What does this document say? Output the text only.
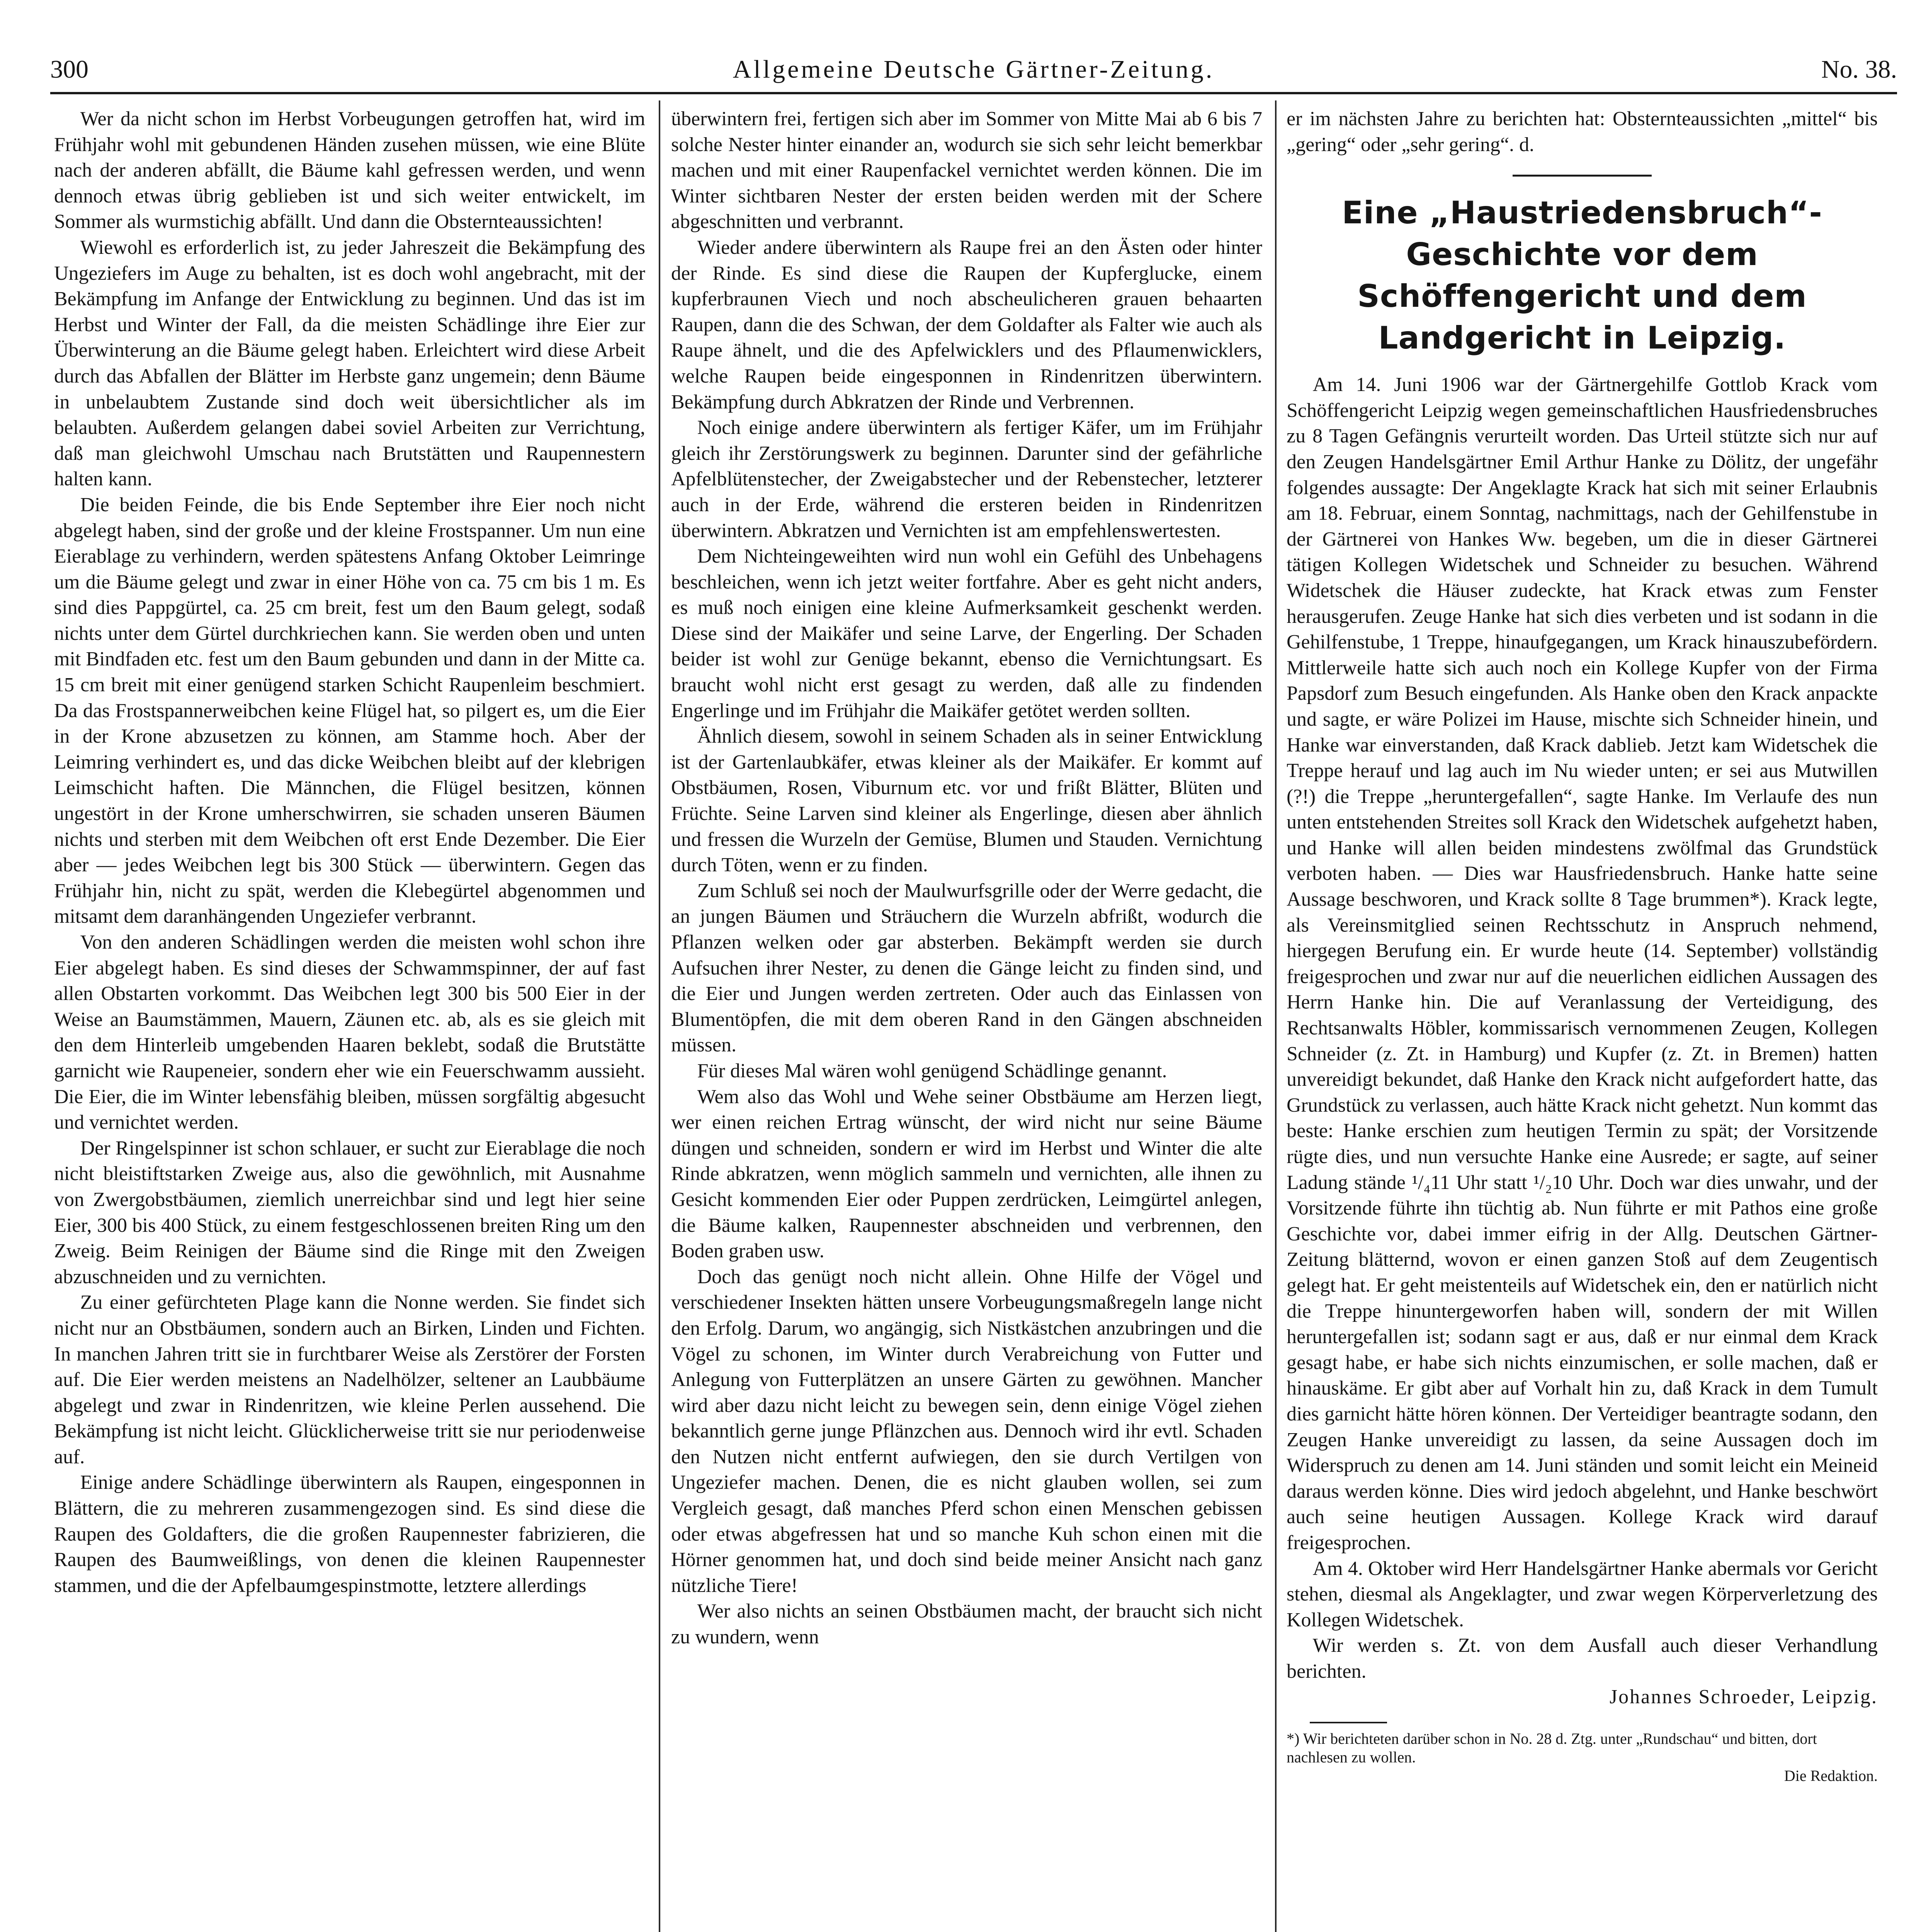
Allgemeine Deutsche Gärtner-Zeitung.
300	No. 38.

Wer da nicht schon im Herbst Vorbeugungen getroffen hat, wird im Frühjahr wohl mit gebundenen Händen zusehen müssen, wie eine Blüte nach der anderen abfällt, die Bäume kahl gefressen werden, und wenn dennoch etwas übrig geblieben ist und sich weiter entwickelt, im Sommer als wurmstichig abfällt. Und dann die Obsternteaussichten!

Wiewohl es erforderlich ist, zu jeder Jahreszeit die Bekämpfung des Ungeziefers im Auge zu behalten, ist es doch wohl angebracht, mit der Bekämpfung im Anfange der Entwicklung zu beginnen. Und das ist im Herbst und Winter der Fall, da die meisten Schädlinge ihre Eier zur Überwinterung an die Bäume gelegt haben. Erleichtert wird diese Arbeit durch das Abfallen der Blätter im Herbste ganz ungemein; denn Bäume in unbelaubtem Zustande sind doch weit übersichtlicher als im belaubten. Außerdem gelangen dabei soviel Arbeiten zur Verrichtung, daß man gleichwohl Umschau nach Brutstätten und Raupennestern halten kann.

Die beiden Feinde, die bis Ende September ihre Eier noch nicht abgelegt haben, sind der große und der kleine Frostspanner. Um nun eine Eierablage zu verhindern, werden spätestens Anfang Oktober Leimringe um die Bäume gelegt und zwar in einer Höhe von ca. 75 cm bis 1 m. Es sind dies Pappgürtel, ca. 25 cm breit, fest um den Baum gelegt, sodaß nichts unter dem Gürtel durchkriechen kann. Sie werden oben und unten mit Bindfaden etc. fest um den Baum gebunden und dann in der Mitte ca. 15 cm breit mit einer genügend starken Schicht Raupenleim beschmiert. Da das Frostspannerweibchen keine Flügel hat, so pilgert es, um die Eier in der Krone abzusetzen zu können, am Stamme hoch. Aber der Leimring verhindert es, und das dicke Weibchen bleibt auf der klebrigen Leimschicht haften. Die Männchen, die Flügel besitzen, können ungestört in der Krone umherschwirren, sie schaden unseren Bäumen nichts und sterben mit dem Weibchen oft erst Ende Dezember. Die Eier aber — jedes Weibchen legt bis 300 Stück — überwintern. Gegen das Frühjahr hin, nicht zu spät, werden die Klebegürtel abgenommen und mitsamt dem daranhängenden Ungeziefer verbrannt.

Von den anderen Schädlingen werden die meisten wohl schon ihre Eier abgelegt haben. Es sind dieses der Schwammspinner, der auf fast allen Obstarten vorkommt. Das Weibchen legt 300 bis 500 Eier in der Weise an Baumstämmen, Mauern, Zäunen etc. ab, als es sie gleich mit den dem Hinterleib umgebenden Haaren beklebt, sodaß die Brutstätte garnicht wie Raupeneier, sondern eher wie ein Feuerschwamm aussieht. Die Eier, die im Winter lebensfähig bleiben, müssen sorgfältig abgesucht und vernichtet werden.

Der Ringelspinner ist schon schlauer, er sucht zur Eierablage die noch nicht bleistiftstarken Zweige aus, also die gewöhnlich, mit Ausnahme von Zwergobstbäumen, ziemlich unerreichbar sind und legt hier seine Eier, 300 bis 400 Stück, zu einem festgeschlossenen breiten Ring um den Zweig. Beim Reinigen der Bäume sind die Ringe mit den Zweigen abzuschneiden und zu vernichten.

Zu einer gefürchteten Plage kann die Nonne werden. Sie findet sich nicht nur an Obstbäumen, sondern auch an Birken, Linden und Fichten. In manchen Jahren tritt sie in furchtbarer Weise als Zerstörer der Forsten auf. Die Eier werden meistens an Nadelhölzer, seltener an Laubbäume abgelegt und zwar in Rindenritzen, wie kleine Perlen aussehend. Die Bekämpfung ist nicht leicht. Glücklicherweise tritt sie nur periodenweise auf.

Einige andere Schädlinge überwintern als Raupen, eingesponnen in Blättern, die zu mehreren zusammengezogen sind. Es sind diese die Raupen des Goldafters, die die großen Raupennester fabrizieren, die Raupen des Baumweißlings, von denen die kleinen Raupennester stammen, und die der Apfelbaumgespinstmotte, letztere allerdings

überwintern frei, fertigen sich aber im Sommer von Mitte Mai ab 6 bis 7 solche Nester hinter einander an, wodurch sie sich sehr leicht bemerkbar machen und mit einer Raupenfackel vernichtet werden können. Die im Winter sichtbaren Nester der ersten beiden werden mit der Schere abgeschnitten und verbrannt.

Wieder andere überwintern als Raupe frei an den Ästen oder hinter der Rinde. Es sind diese die Raupen der Kupferglucke, einem kupferbraunen Viech und noch abscheulicheren grauen behaarten Raupen, dann die des Schwan, der dem Goldafter als Falter wie auch als Raupe ähnelt, und die des Apfelwicklers und des Pflaumenwicklers, welche Raupen beide eingesponnen in Rindenritzen überwintern. Bekämpfung durch Abkratzen der Rinde und Verbrennen.

Noch einige andere überwintern als fertiger Käfer, um im Frühjahr gleich ihr Zerstörungswerk zu beginnen. Darunter sind der gefährliche Apfelblütenstecher, der Zweigabstecher und der Rebenstecher, letzterer auch in der Erde, während die ersteren beiden in Rindenritzen überwintern. Abkratzen und Vernichten ist am empfehlenswertesten.

Dem Nichteingeweihten wird nun wohl ein Gefühl des Unbehagens beschleichen, wenn ich jetzt weiter fortfahre. Aber es geht nicht anders, es muß noch einigen eine kleine Aufmerksamkeit geschenkt werden. Diese sind der Maikäfer und seine Larve, der Engerling. Der Schaden beider ist wohl zur Genüge bekannt, ebenso die Vernichtungsart. Es braucht wohl nicht erst gesagt zu werden, daß alle zu findenden Engerlinge und im Frühjahr die Maikäfer getötet werden sollten.

Ähnlich diesem, sowohl in seinem Schaden als in seiner Entwicklung ist der Gartenlaubkäfer, etwas kleiner als der Maikäfer. Er kommt auf Obstbäumen, Rosen, Viburnum etc. vor und frißt Blätter, Blüten und Früchte. Seine Larven sind kleiner als Engerlinge, diesen aber ähnlich und fressen die Wurzeln der Gemüse, Blumen und Stauden. Vernichtung durch Töten, wenn er zu finden.

Zum Schluß sei noch der Maulwurfsgrille oder der Werre gedacht, die an jungen Bäumen und Sträuchern die Wurzeln abfrißt, wodurch die Pflanzen welken oder gar absterben. Bekämpft werden sie durch Aufsuchen ihrer Nester, zu denen die Gänge leicht zu finden sind, und die Eier und Jungen werden zertreten. Oder auch das Einlassen von Blumentöpfen, die mit dem oberen Rand in den Gängen abschneiden müssen.

Für dieses Mal wären wohl genügend Schädlinge genannt.

Wem also das Wohl und Wehe seiner Obstbäume am Herzen liegt, wer einen reichen Ertrag wünscht, der wird nicht nur seine Bäume düngen und schneiden, sondern er wird im Herbst und Winter die alte Rinde abkratzen, wenn möglich sammeln und vernichten, alle ihnen zu Gesicht kommenden Eier oder Puppen zerdrücken, Leimgürtel anlegen, die Bäume kalken, Raupennester abschneiden und verbrennen, den Boden graben usw.

Doch das genügt noch nicht allein. Ohne Hilfe der Vögel und verschiedener Insekten hätten unsere Vorbeugungsmaßregeln lange nicht den Erfolg. Darum, wo angängig, sich Nistkästchen anzubringen und die Vögel zu schonen, im Winter durch Verabreichung von Futter und Anlegung von Futterplätzen an unsere Gärten zu gewöhnen. Mancher wird aber dazu nicht leicht zu bewegen sein, denn einige Vögel ziehen bekanntlich gerne junge Pflänzchen aus. Dennoch wird ihr evtl. Schaden den Nutzen nicht entfernt aufwiegen, den sie durch Vertilgen von Ungeziefer machen. Denen, die es nicht glauben wollen, sei zum Vergleich gesagt, daß manches Pferd schon einen Menschen gebissen oder etwas abgefressen hat und so manche Kuh schon einen mit die Hörner genommen hat, und doch sind beide meiner Ansicht nach ganz nützliche Tiere!

Wer also nichts an seinen Obstbäumen macht, der braucht sich nicht zu wundern, wenn

er im nächsten Jahre zu berichten hat: Obsternteaussichten „mittel“ bis „gering“ oder „sehr gering“. d.

Eine „Haustriedensbruch“-Geschichte vor dem Schöffengericht und dem Landgericht in Leipzig.

Am 14. Juni 1906 war der Gärtnergehilfe Gottlob Krack vom Schöffengericht Leipzig wegen gemeinschaftlichen Hausfriedensbruches zu 8 Tagen Gefängnis verurteilt worden. Das Urteil stützte sich nur auf den Zeugen Handelsgärtner Emil Arthur Hanke zu Dölitz, der ungefähr folgendes aussagte: Der Angeklagte Krack hat sich mit seiner Erlaubnis am 18. Februar, einem Sonntag, nachmittags, nach der Gehilfenstube in der Gärtnerei von Hankes Ww. begeben, um die in dieser Gärtnerei tätigen Kollegen Widetschek und Schneider zu besuchen. Während Widetschek die Häuser zudeckte, hat Krack etwas zum Fenster herausgerufen. Zeuge Hanke hat sich dies verbeten und ist sodann in die Gehilfenstube, 1 Treppe, hinaufgegangen, um Krack hinauszubefördern. Mittlerweile hatte sich auch noch ein Kollege Kupfer von der Firma Papsdorf zum Besuch eingefunden. Als Hanke oben den Krack anpackte und sagte, er wäre Polizei im Hause, mischte sich Schneider hinein, und Hanke war einverstanden, daß Krack dablieb. Jetzt kam Widetschek die Treppe herauf und lag auch im Nu wieder unten; er sei aus Mutwillen (?!) die Treppe „heruntergefallen“, sagte Hanke. Im Verlaufe des nun unten entstehenden Streites soll Krack den Widetschek aufgehetzt haben, und Hanke will allen beiden mindestens zwölfmal das Grundstück verboten haben. — Dies war Hausfriedensbruch. Hanke hatte seine Aussage beschworen, und Krack sollte 8 Tage brummen*). Krack legte, als Vereinsmitglied seinen Rechtsschutz in Anspruch nehmend, hiergegen Berufung ein. Er wurde heute (14. September) vollständig freigesprochen und zwar nur auf die neuerlichen eidlichen Aussagen des Herrn Hanke hin. Die auf Veranlassung der Verteidigung, des Rechtsanwalts Höbler, kommissarisch vernommenen Zeugen, Kollegen Schneider (z. Zt. in Hamburg) und Kupfer (z. Zt. in Bremen) hatten unvereidigt bekundet, daß Hanke den Krack nicht aufgefordert hatte, das Grundstück zu verlassen, auch hätte Krack nicht gehetzt. Nun kommt das beste: Hanke erschien zum heutigen Termin zu spät; der Vorsitzende rügte dies, und nun versuchte Hanke eine Ausrede; er sagte, auf seiner Ladung stände ¹/₄11 Uhr statt ¹/₂10 Uhr. Doch war dies unwahr, und der Vorsitzende führte ihn tüchtig ab. Nun führte er mit Pathos eine große Geschichte vor, dabei immer eifrig in der Allg. Deutschen Gärtner-Zeitung blätternd, wovon er einen ganzen Stoß auf dem Zeugentisch gelegt hat. Er geht meistenteils auf Widetschek ein, den er natürlich nicht die Treppe hinuntergeworfen haben will, sondern der mit Willen heruntergefallen ist; sodann sagt er aus, daß er nur einmal dem Krack gesagt habe, er habe sich nichts einzumischen, er solle machen, daß er hinauskäme. Er gibt aber auf Vorhalt hin zu, daß Krack in dem Tumult dies garnicht hätte hören können. Der Verteidiger beantragte sodann, den Zeugen Hanke unvereidigt zu lassen, da seine Aussagen doch im Widerspruch zu denen am 14. Juni ständen und somit leicht ein Meineid daraus werden könne. Dies wird jedoch abgelehnt, und Hanke beschwört auch seine heutigen Aussagen. Kollege Krack wird darauf freigesprochen.

Am 4. Oktober wird Herr Handelsgärtner Hanke abermals vor Gericht stehen, diesmal als Angeklagter, und zwar wegen Körperverletzung des Kollegen Widetschek.

Wir werden s. Zt. von dem Ausfall auch dieser Verhandlung berichten.

Johannes Schroeder, Leipzig.

*) Wir berichteten darüber schon in No. 28 d. Ztg. unter „Rundschau“ und bitten, dort nachlesen zu wollen.

Die Redaktion.
